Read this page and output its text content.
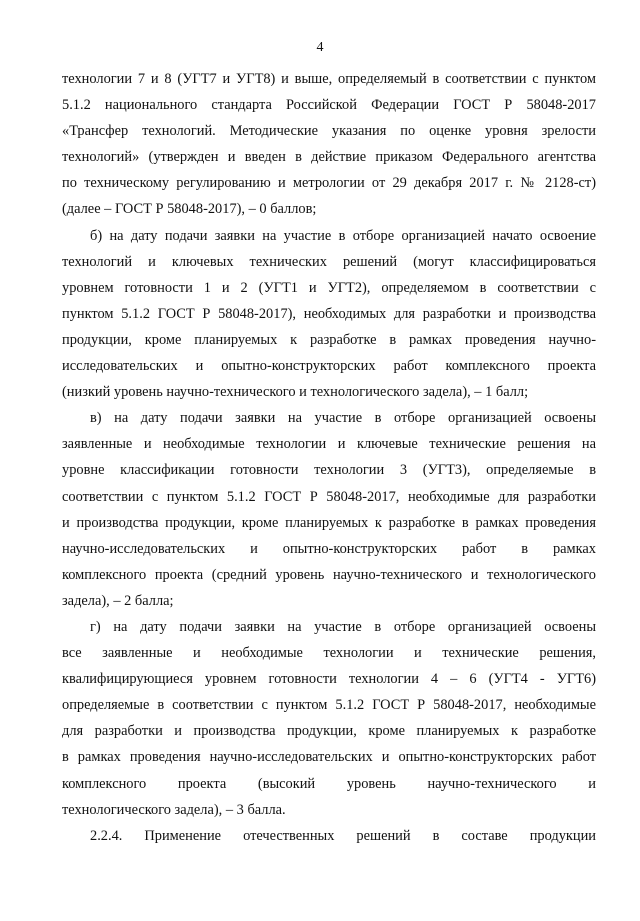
4
технологии 7 и 8 (УГТ7 и УГТ8) и выше, определяемый в соответствии с пунктом
5.1.2 национального стандарта Российской Федерации ГОСТ Р 58048-2017
«Трансфер технологий. Методические указания по оценке уровня зрелости
технологий» (утвержден и введен в действие приказом Федерального агентства
по техническому регулированию и метрологии от 29 декабря 2017 г. № 2128-ст)
(далее – ГОСТ Р 58048-2017), – 0 баллов;
б) на дату подачи заявки на участие в отборе организацией начато освоение
технологий и ключевых технических решений (могут классифицироваться
уровнем готовности 1 и 2 (УГТ1 и УГТ2), определяемом в соответствии с
пунктом 5.1.2 ГОСТ Р 58048-2017), необходимых для разработки и производства
продукции, кроме планируемых к разработке в рамках проведения научно-
исследовательских и опытно-конструкторских работ комплексного проекта
(низкий уровень научно-технического и технологического задела), – 1 балл;
в) на дату подачи заявки на участие в отборе организацией освоены
заявленные и необходимые технологии и ключевые технические решения на
уровне классификации готовности технологии 3 (УГТ3), определяемые в
соответствии с пунктом 5.1.2 ГОСТ Р 58048-2017, необходимые для разработки
и производства продукции, кроме планируемых к разработке в рамках проведения
научно-исследовательских и опытно-конструкторских работ в рамках
комплексного проекта (средний уровень научно-технического и технологического
задела), – 2 балла;
г) на дату подачи заявки на участие в отборе организацией освоены
все заявленные и необходимые технологии и технические решения,
квалифицирующиеся уровнем готовности технологии 4 – 6 (УГТ4 - УГТ6)
определяемые в соответствии с пунктом 5.1.2 ГОСТ Р 58048-2017, необходимые
для разработки и производства продукции, кроме планируемых к разработке
в рамках проведения научно-исследовательских и опытно-конструкторских работ
комплексного проекта (высокий уровень научно-технического и
технологического задела), – 3 балла.
2.2.4. Применение отечественных решений в составе продукции
